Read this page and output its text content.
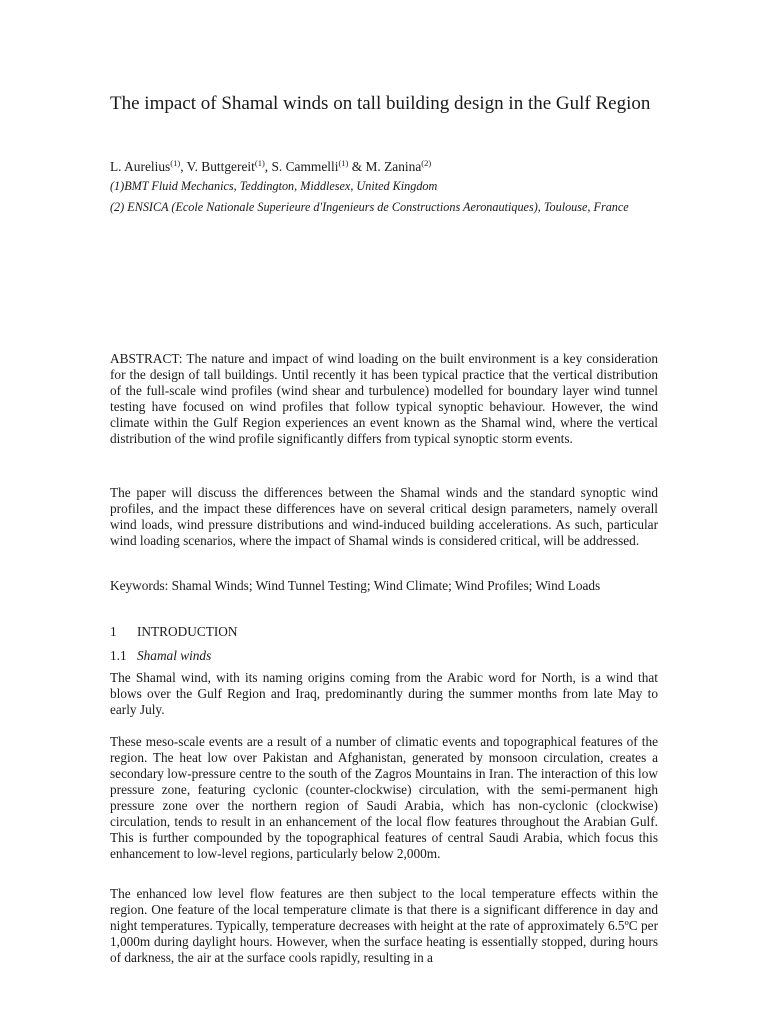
The impact of Shamal winds on tall building design in the Gulf Region
L. Aurelius$^{(1)}$, V. Buttgereit$^{(1)}$, S. Cammelli$^{(1)}$ & M. Zanina$^{(2)}$
(1)BMT Fluid Mechanics, Teddington, Middlesex, United Kingdom
(2) ENSICA (Ecole Nationale Superieure d'Ingenieurs de Constructions Aeronautiques), Toulouse, France

ABSTRACT: The nature and impact of wind loading on the built environment is a key consideration for the design of tall buildings. Until recently it has been typical practice that the vertical distribution of the full-scale wind profiles (wind shear and turbulence) modelled for boundary layer wind tunnel testing have focused on wind profiles that follow typical synoptic behaviour. However, the wind climate within the Gulf Region experiences an event known as the Shamal wind, where the vertical distribution of the wind profile significantly differs from typical synoptic storm events.

The paper will discuss the differences between the Shamal winds and the standard synoptic wind profiles, and the impact these differences have on several critical design parameters, namely overall wind loads, wind pressure distributions and wind-induced building accelerations. As such, particular wind loading scenarios, where the impact of Shamal winds is considered critical, will be addressed.

Keywords: Shamal Winds; Wind Tunnel Testing; Wind Climate; Wind Profiles; Wind Loads

1 INTRODUCTION
1.1 Shamal winds

The Shamal wind, with its naming origins coming from the Arabic word for North, is a wind that blows over the Gulf Region and Iraq, predominantly during the summer months from late May to early July.

These meso-scale events are a result of a number of climatic events and topographical features of the region. The heat low over Pakistan and Afghanistan, generated by monsoon circulation, creates a secondary low-pressure centre to the south of the Zagros Mountains in Iran. The interaction of this low pressure zone, featuring cyclonic (counter-clockwise) circulation, with the semi-permanent high pressure zone over the northern region of Saudi Arabia, which has non-cyclonic (clockwise) circulation, tends to result in an enhancement of the local flow features throughout the Arabian Gulf. This is further compounded by the topographical features of central Saudi Arabia, which focus this enhancement to low-level regions, particularly below 2,000m.

The enhanced low level flow features are then subject to the local temperature effects within the region. One feature of the local temperature climate is that there is a significant difference in day and night temperatures. Typically, temperature decreases with height at the rate of approximately 6.5ºC per 1,000m during daylight hours. However, when the surface heating is essentially stopped, during hours of darkness, the air at the surface cools rapidly, resulting in a
